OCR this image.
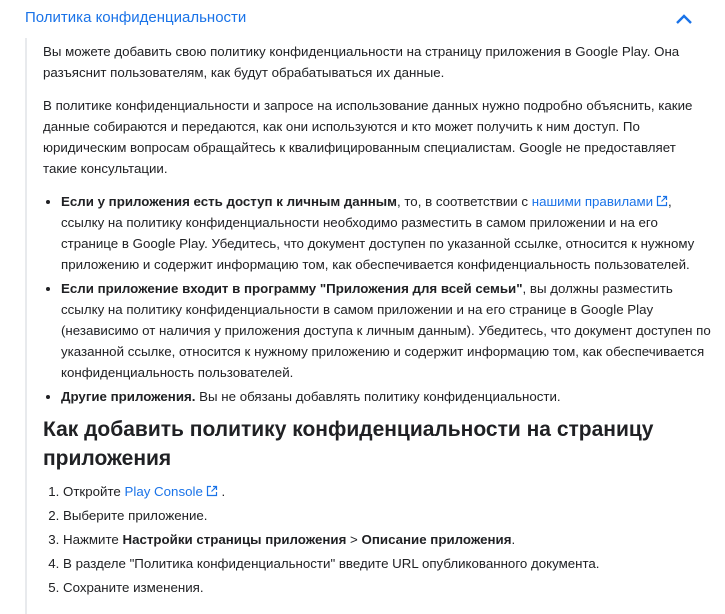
Политика конфиденциальности

Вы можете добавить свою политику конфиденциальности на страницу приложения в Google Play. Она разъяснит пользователям, как будут обрабатываться их данные.

В политике конфиденциальности и запросе на использование данных нужно подробно объяснить, какие данные собираются и передаются, как они используются и кто может получить к ним доступ. По юридическим вопросам обращайтесь к квалифицированным специалистам. Google не предоставляет такие консультации.

• Если у приложения есть доступ к личным данным, то, в соответствии с нашими правилами , ссылку на политику конфиденциальности необходимо разместить в самом приложении и на его странице в Google Play. Убедитесь, что документ доступен по указанной ссылке, относится к нужному приложению и содержит информацию том, как обеспечивается конфиденциальность пользователей.
• Если приложение входит в программу "Приложения для всей семьи", вы должны разместить ссылку на политику конфиденциальности в самом приложении и на его странице в Google Play (независимо от наличия у приложения доступа к личным данным). Убедитесь, что документ доступен по указанной ссылке, относится к нужному приложению и содержит информацию том, как обеспечивается конфиденциальность пользователей.
• Другие приложения. Вы не обязаны добавлять политику конфиденциальности.
Как добавить политику конфиденциальности на страницу приложения
1. Откройте Play Console .
2. Выберите приложение.
3. Нажмите Настройки страницы приложения > Описание приложения.
4. В разделе "Политика конфиденциальности" введите URL опубликованного документа.
5. Сохраните изменения.
